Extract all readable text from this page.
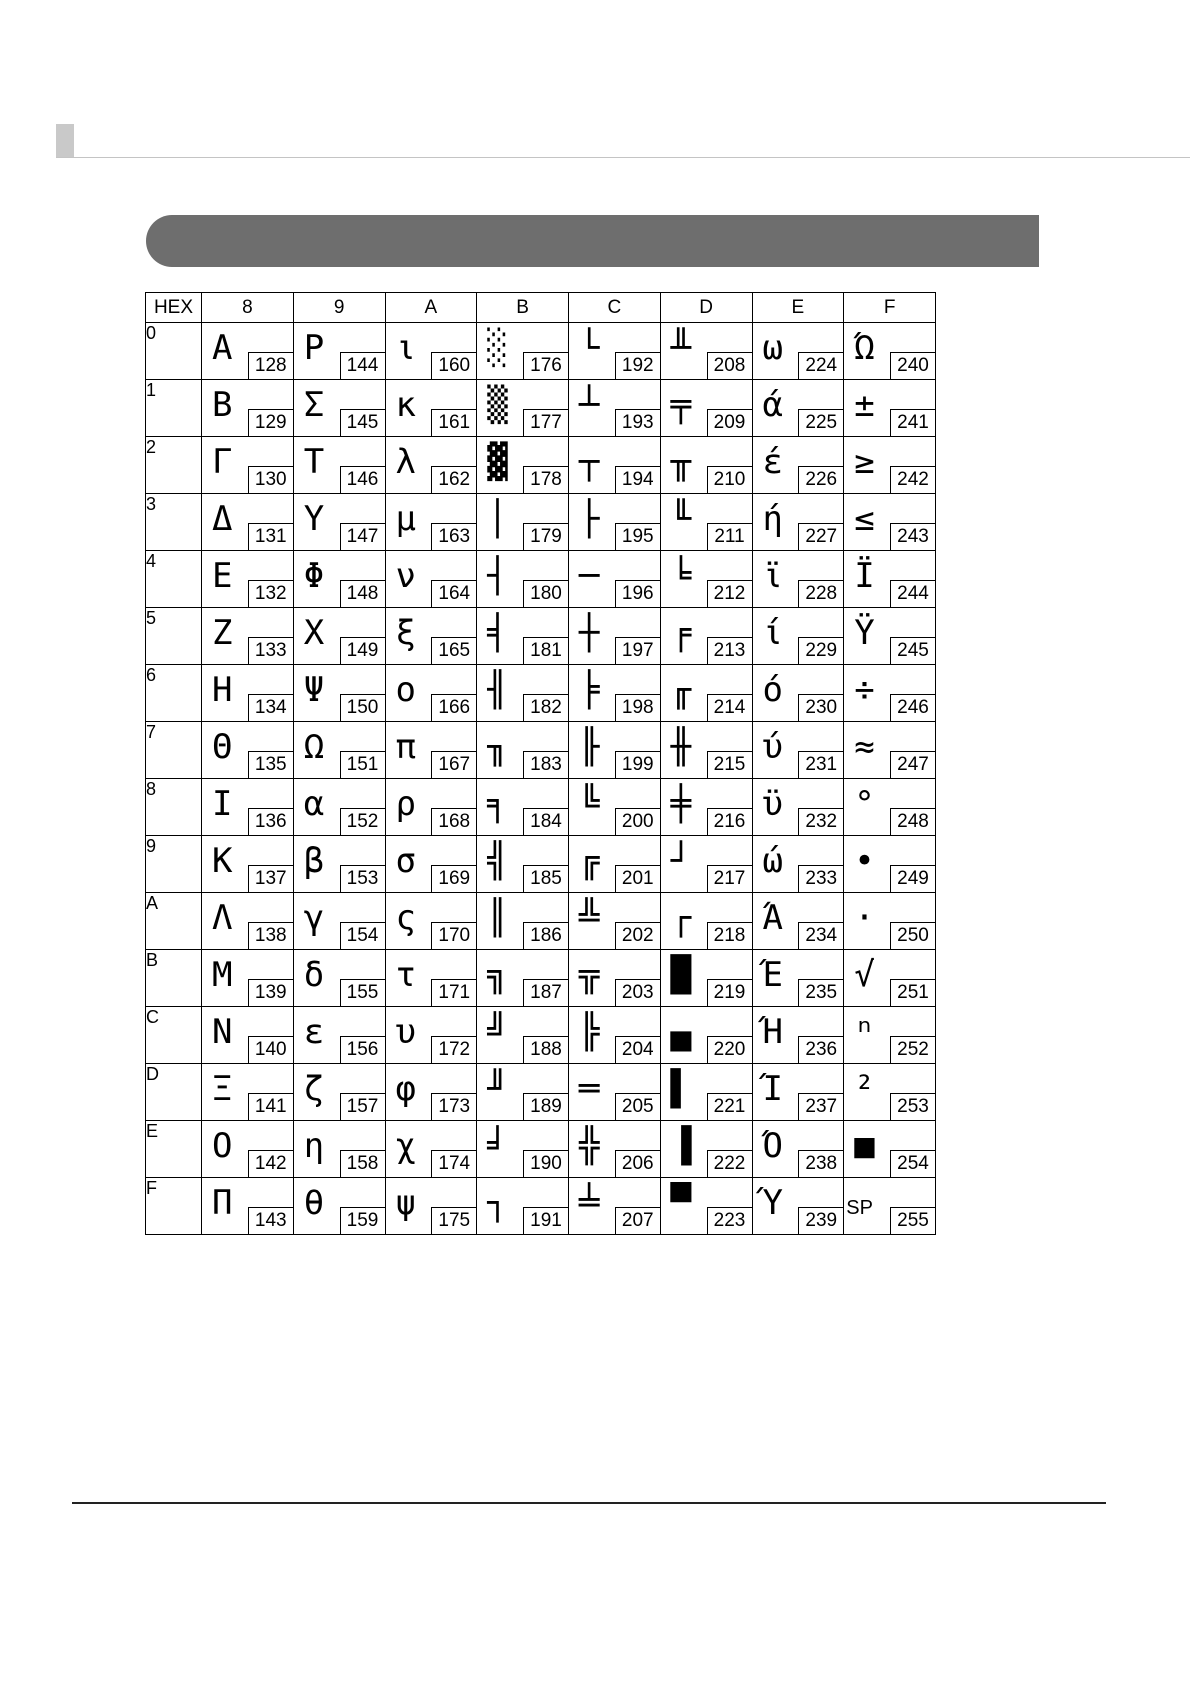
HEX	8	9	A	B	C	D	E	F
0	Α 128	Ρ 144	ι 160	░ 176	└ 192	╨ 208	ω 224	Ώ 240

1	Β 129	Σ 145	κ 161	▒ 177	┴ 193	╤ 209	ά 225	± 241

2	Γ 130	Τ 146	λ 162	▓ 178	┬ 194	╥ 210	έ 226	≥ 242

3	Δ 131	Υ 147	μ 163	│ 179	├ 195	╙ 211	ή 227	≤ 243

4	Ε 132	Φ 148	ν 164	┤ 180	─ 196	╘ 212	ϊ 228	Ϊ 244

5	Ζ 133	Χ 149	ξ 165	╡ 181	┼ 197	╒ 213	ί 229	Ϋ 245

6	Η 134	Ψ 150	ο 166	╢ 182	╞ 198	╓ 214	ό 230	÷ 246

7	Θ 135	Ω 151	π 167	╖ 183	╟ 199	╫ 215	ύ 231	≈ 247

8	Ι 136	α 152	ρ 168	╕ 184	╚ 200	╪ 216	ϋ 232	° 248

9	Κ 137	β 153	σ 169	╣ 185	╔ 201	┘ 217	ώ 233	• 249

A	Λ 138	γ 154	ς 170	║ 186	╩ 202	┌ 218	Ά 234	· 250

B	Μ 139	δ 155	τ 171	╗ 187	╦ 203	█ 219	Έ 235	√ 251

C	Ν 140	ε 156	υ 172	╝ 188	╠ 204	▄ 220	Ή 236	ⁿ 252

D	Ξ 141	ζ 157	φ 173	╜ 189	═ 205	▌ 221	Ί 237	² 253

E	Ο 142	η 158	χ 174	╛ 190	╬ 206	▐ 222	Ό 238	■ 254

F	Π 143	θ 159	ψ 175	┐ 191	╧ 207	▀ 223	Ύ 239	SP
255
